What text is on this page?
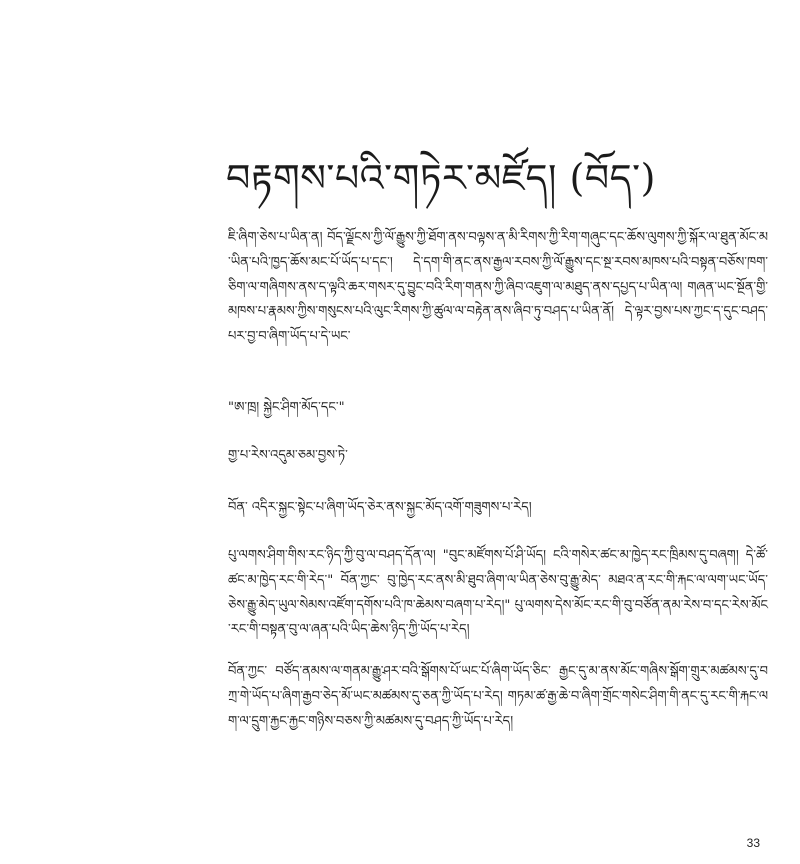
བརྟགས་པའི་གཏེར་མཛོད། (བོད་)
ཇི་ཞིག་ཅེས་པ་ཡིན་ན། བོད་ལྗོངས་ཀྱི་ལོ་རྒྱུས་ཀྱི་ཐོག་ནས་བལྟས་ན་མི་རིགས་ཀྱི་རིག་གཞུང་དང་ཆོས་ལུགས་ཀྱི་སྐོར་ལ་ཐུན་མོང་མ་ཡིན་པའི་ཁྱད་ཆོས་མང་པོ་ཡོད་པ་དང་། དེ་དག་གི་ནང་ནས་རྒྱལ་རབས་ཀྱི་ལོ་རྒྱུས་དང་སྔ་རབས་མཁས་པའི་བསྟན་བཅོས་ཁག་ཅིག་ལ་གཞིགས་ནས་ད་ལྟའི་ཆར་གསར་དུ་བྱུང་བའི་རིག་གནས་ཀྱི་ཞིབ་འཇུག་ལ་མཐུད་ནས་དཔྱད་པ་ཡིན་ལ། གཞན་ཡང་སྔོན་གྱི་མཁས་པ་རྣམས་ཀྱིས་གསུངས་པའི་ལུང་རིགས་ཀྱི་ཚུལ་ལ་བརྟེན་ནས་ཞིབ་ཏུ་བཤད་པ་ཡིན་ནོ། དེ་ལྟར་བྱས་པས་ཀྱང་ད་དུང་བཤད་པར་བྱ་བ་ཞིག་ཡོད་པ་དེ་ཡང་
"ཨ་ཁྲ། སྐྱེང་ཤིག་མོད་དང་"
གྱ་པ་རེས་འདུམ་ཅམ་བྱས་ཏེ་
བོན་ འདིར་སྐྱང་སྟེང་པ་ཞིག་ཡོད་ཅེར་ནས་སྐྱང་མོད་འགོ་གཟུགས་པ་རེད།
པུ་ལགས་ཤིག་གིས་རང་ཉིད་ཀྱི་བུ་ལ་བཤད་དོན་ལ། "བུང་མཛོགས་པོ་ཤི་ཡོད། ངའི་གསེར་ཚང་མ་ཁྱེད་རང་ཁྲིམས་དུ་བཞག། དེ་ཚོ་ཚང་མ་ཁྱེད་རང་གི་རེད་" བོན་ཀྱང་ བུ་ཁྱེད་རང་ནས་མི་ཐུབ་ཞིག་ལ་ཡིན་ཅེས་བུ་རྒྱུ་མེད་ མཐའ་ན་རང་གི་རྐང་ལ་ལག་ཡང་ཡོད་ཅེས་རྒྱུ་མེད་ཡུལ་སེམས་འཛོག་དགོས་པའི་ཁ་ཆེམས་བཞག་པ་རེད།" པུ་ལགས་དེས་མོང་རང་གི་བུ་བཙོན་ནམ་རེས་བ་དང་རེས་མོང་རང་གི་བསྟན་བུ་ལ་ཞན་པའི་ཡིད་ཆེས་ཉིད་ཀྱི་ཡོད་པ་རེད།
བོན་ཀྱང་ བཙོད་ནམས་ལ་གནམ་རྒྱུ་ཤར་བའི་སྒོགས་པོ་ཡང་པོ་ཞིག་ཡོད་ཅིང་ རྒྱང་དུ་མ་ནས་མོང་གཞིས་སྒོག་གྲུར་མཚམས་དུ་བཀྲ་གེ་ཡོད་པ་ཞིག་རྒྱབ་ཅེད་མོ་ཡང་མཚམས་དུ་ཅན་ཀྱི་ཡོད་པ་རེད། གཏམ་ཚ་རྒྱ་ཆེ་བ་ཞིག་གྲོང་གསེང་ཤིག་གི་ནང་དུ་རང་གི་རྐང་ལག་ལ་དྲུག་རྐྱང་རྐྱང་གཉིས་བཅས་ཀྱི་མཚམས་དུ་བཤད་ཀྱི་ཡོད་པ་རེད།
33
